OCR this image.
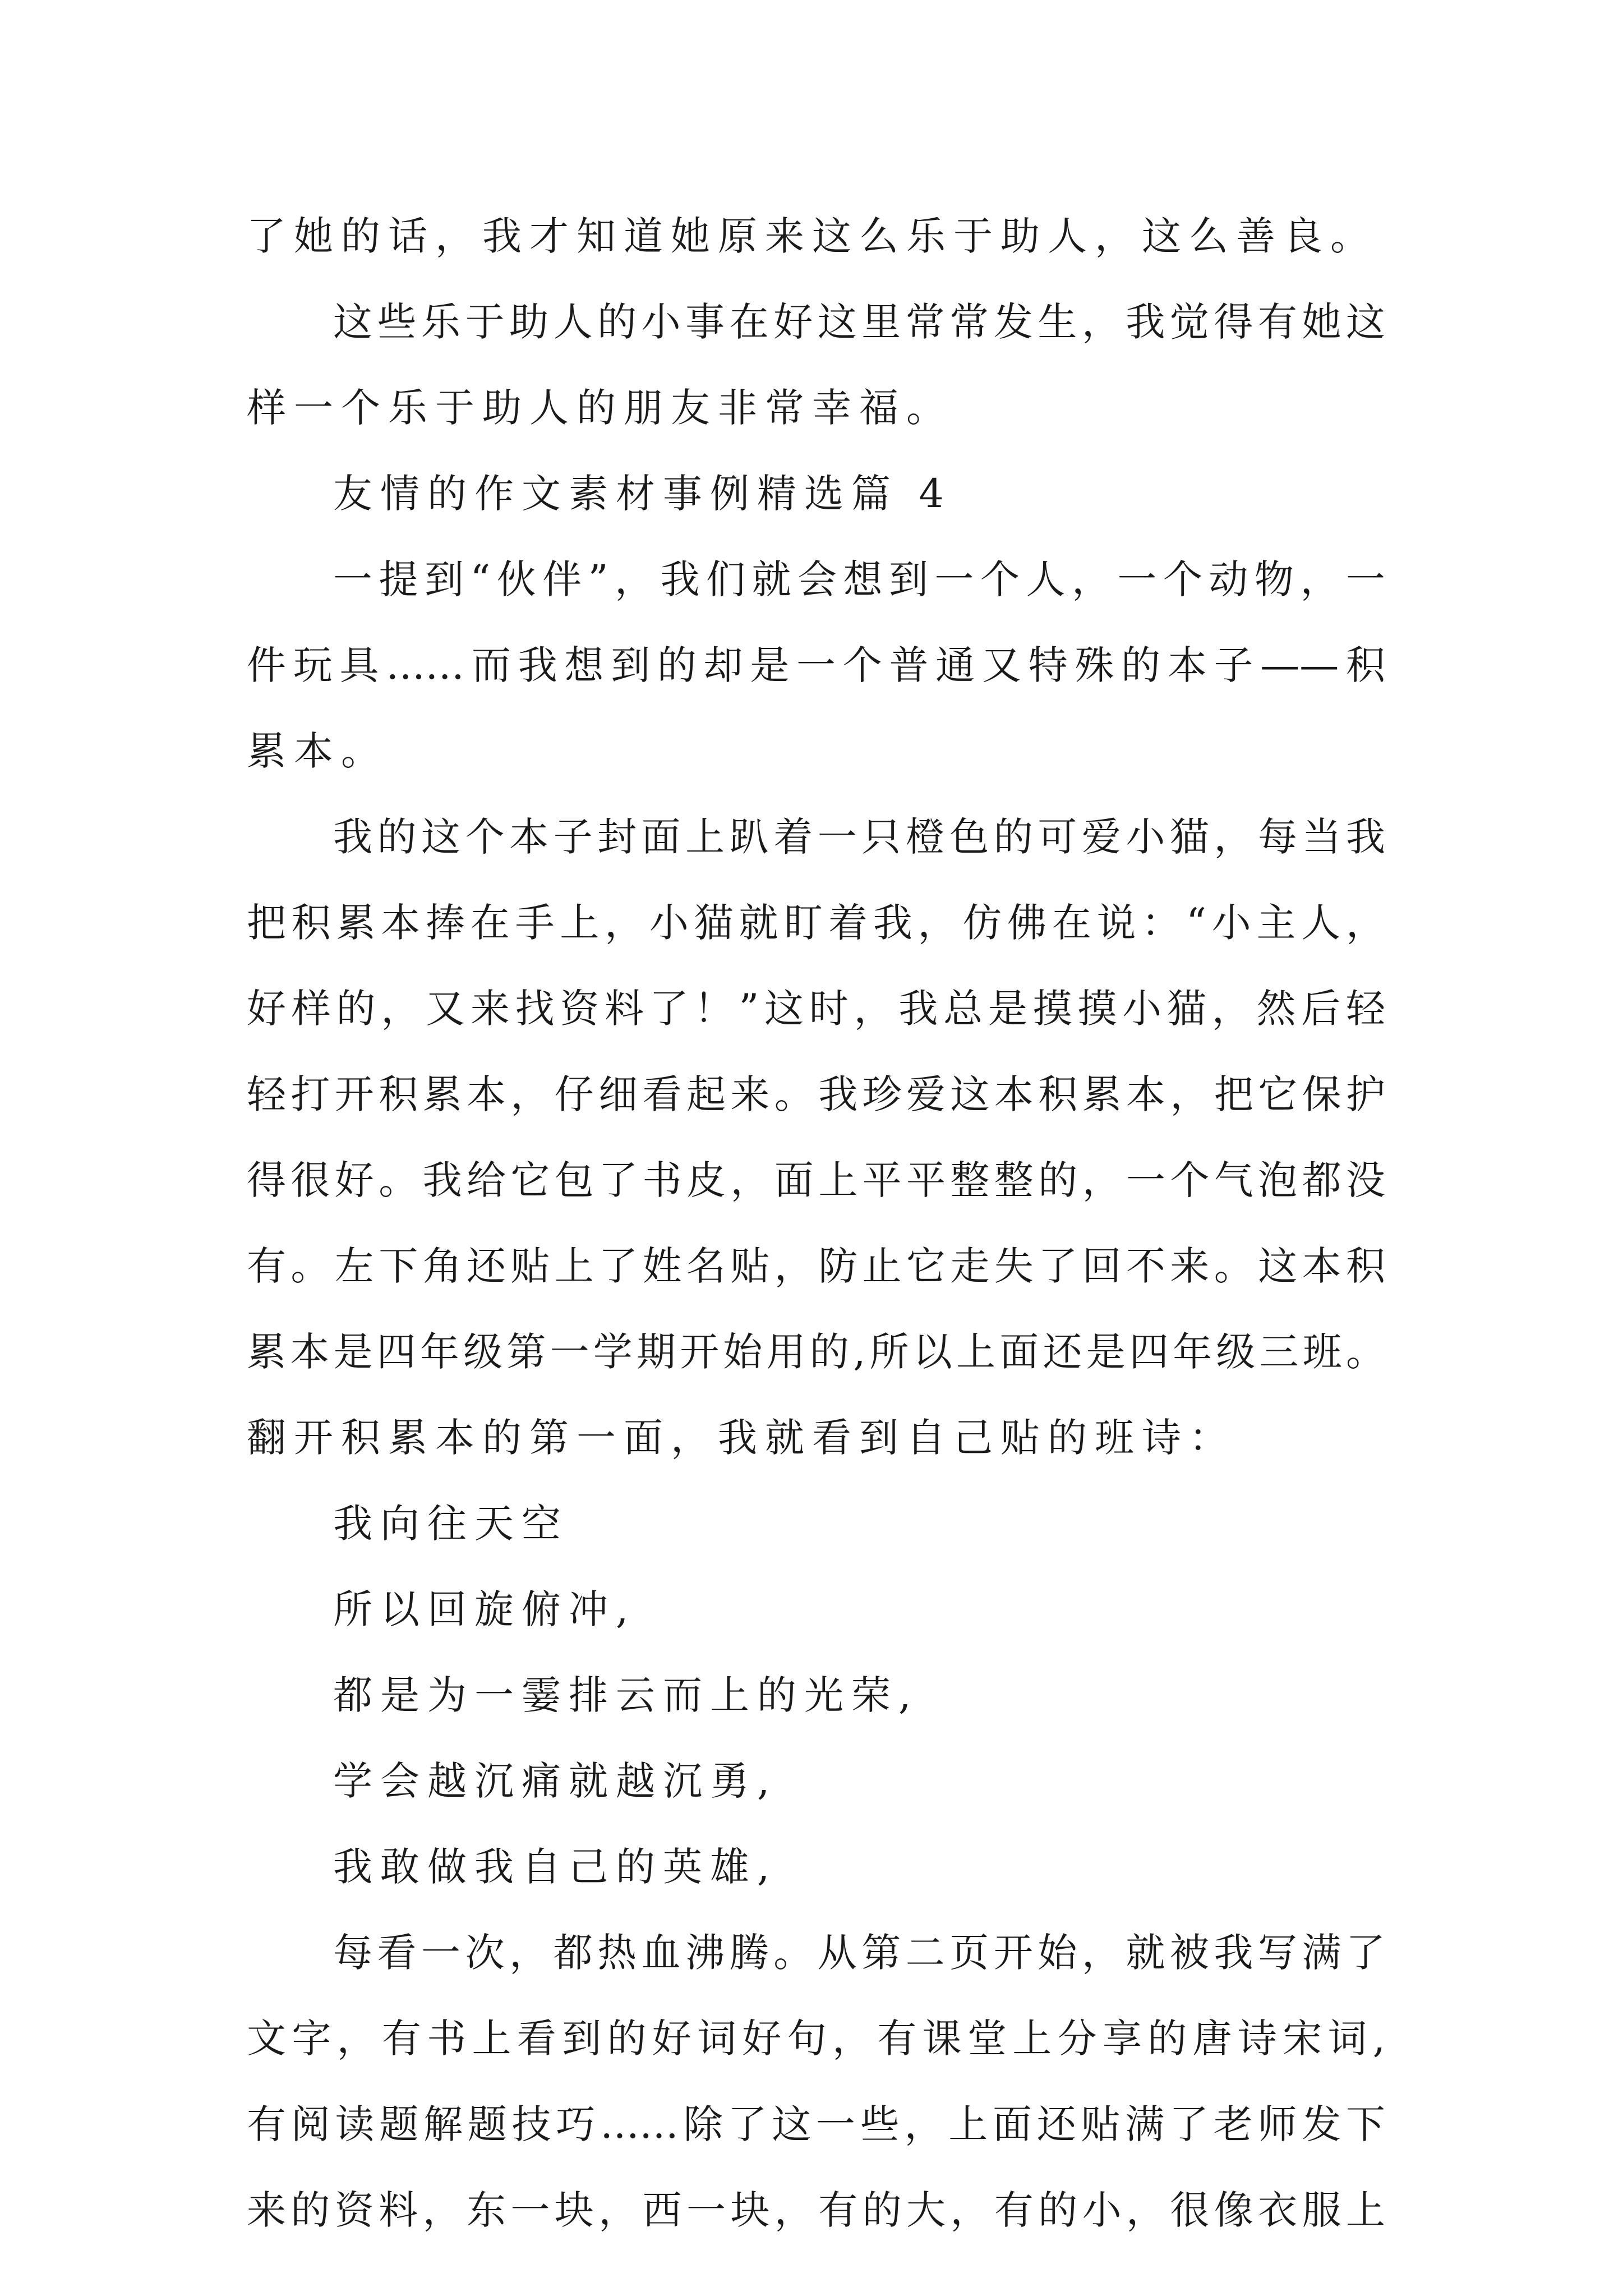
了她的话，我才知道她原来这么乐于助人，这么善良。
这些乐于助人的小事在好这里常常发生，我觉得有她这
样一个乐于助人的朋友非常幸福。
友情的作文素材事例精选篇 4
一提到“伙伴”，我们就会想到一个人，一个动物，一
件玩具……而我想到的却是一个普通又特殊的本子——积
累本。
我的这个本子封面上趴着一只橙色的可爱小猫，每当我
把积累本捧在手上，小猫就盯着我，仿佛在说：“小主人，
好样的，又来找资料了！”这时，我总是摸摸小猫，然后轻
轻打开积累本，仔细看起来。我珍爱这本积累本，把它保护
得很好。我给它包了书皮，面上平平整整的，一个气泡都没
有。左下角还贴上了姓名贴，防止它走失了回不来。这本积
累本是四年级第一学期开始用的,所以上面还是四年级三班。
翻开积累本的第一面，我就看到自己贴的班诗：
我向往天空
所以回旋俯冲,
都是为一霎排云而上的光荣,
学会越沉痛就越沉勇,
我敢做我自己的英雄,
每看一次，都热血沸腾。从第二页开始，就被我写满了
文字，有书上看到的好词好句，有课堂上分享的唐诗宋词,
有阅读题解题技巧……除了这一些，上面还贴满了老师发下
来的资料，东一块，西一块，有的大，有的小，很像衣服上
